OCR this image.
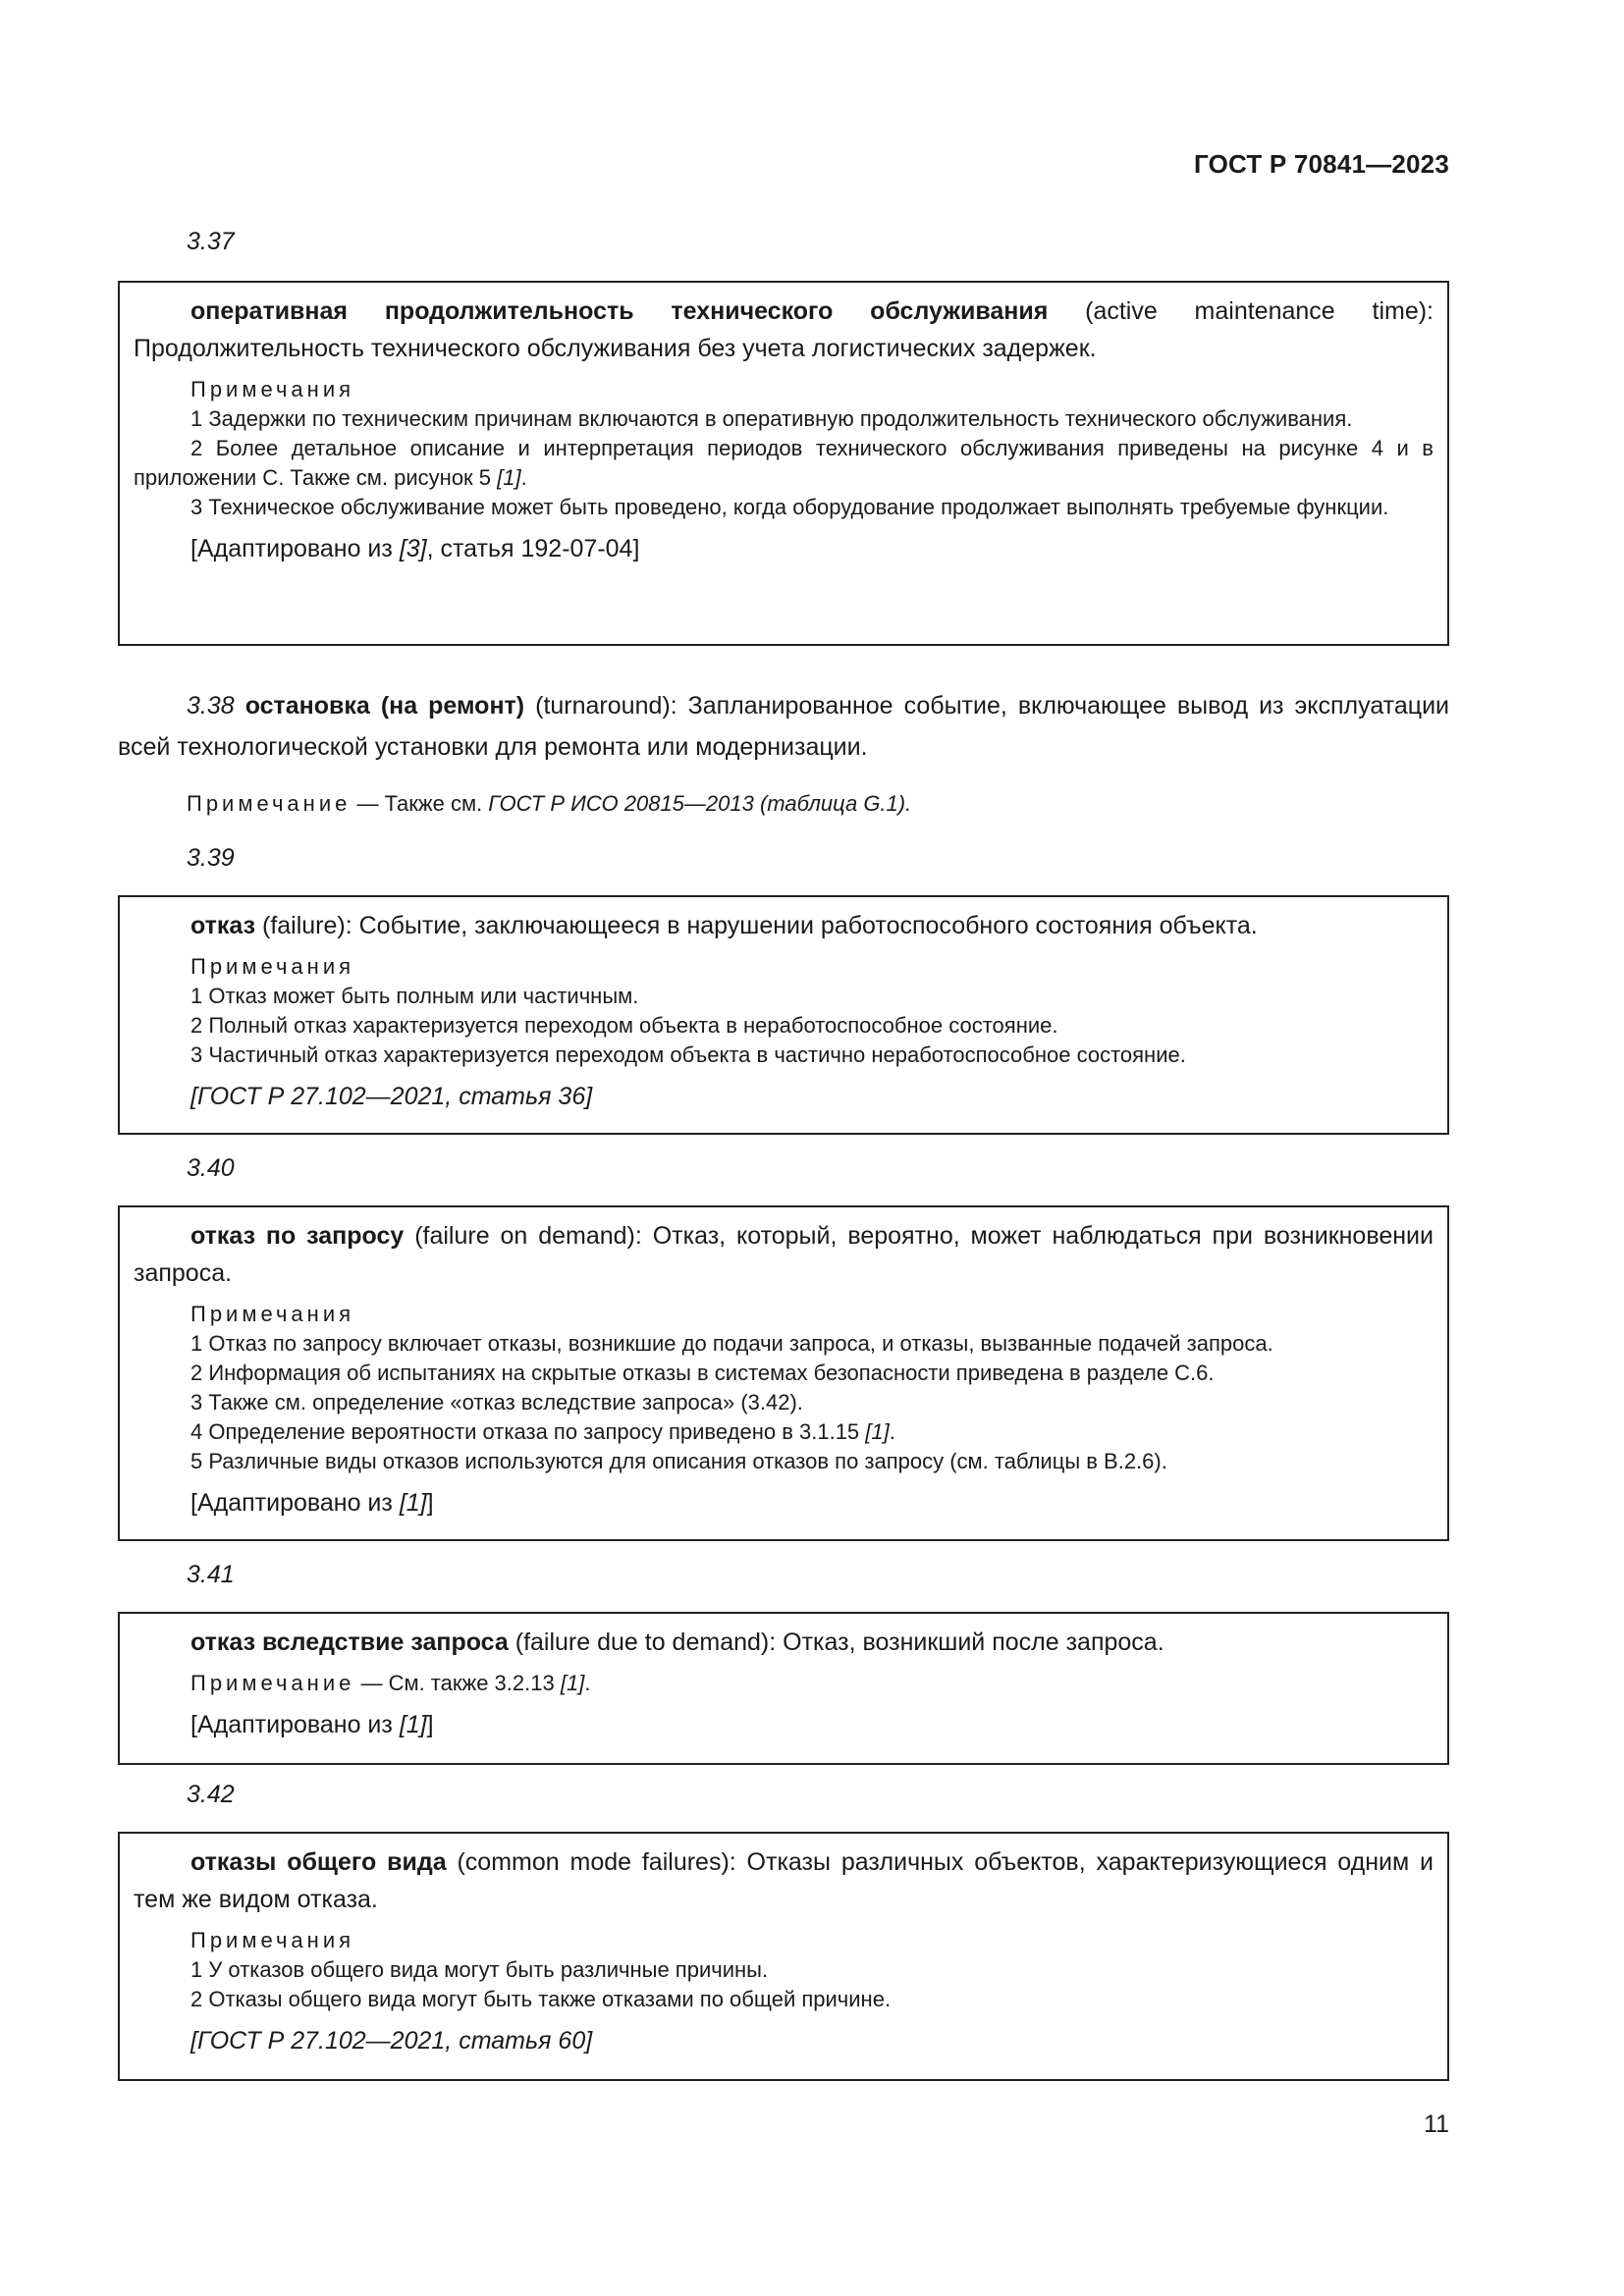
ГОСТ Р 70841—2023
3.37

оперативная продолжительность технического обслуживания (active maintenance time): Продолжительность технического обслуживания без учета логистических задержек.

Примечания

1 Задержки по техническим причинам включаются в оперативную продолжительность технического обслуживания.

2 Более детальное описание и интерпретация периодов технического обслуживания приведены на рисунке 4 и в приложении С. Также см. рисунок 5 [1].

3 Техническое обслуживание может быть проведено, когда оборудование продолжает выполнять требуемые функции.

[Адаптировано из [3], статья 192-07-04]

3.38 остановка (на ремонт) (turnaround): Запланированное событие, включающее вывод из эксплуатации всей технологической установки для ремонта или модернизации.

Примечание — Также см. ГОСТ Р ИСО 20815—2013 (таблица G.1).

3.39

отказ (failure): Событие, заключающееся в нарушении работоспособного состояния объекта.

Примечания

1 Отказ может быть полным или частичным.

2 Полный отказ характеризуется переходом объекта в неработоспособное состояние.

3 Частичный отказ характеризуется переходом объекта в частично неработоспособное состояние.

[ГОСТ Р 27.102—2021, статья 36]

3.40

отказ по запросу (failure on demand): Отказ, который, вероятно, может наблюдаться при возникновении запроса.

Примечания

1 Отказ по запросу включает отказы, возникшие до подачи запроса, и отказы, вызванные подачей запроса.

2 Информация об испытаниях на скрытые отказы в системах безопасности приведена в разделе С.6.

3 Также см. определение «отказ вследствие запроса» (3.42).

4 Определение вероятности отказа по запросу приведено в 3.1.15 [1].

5 Различные виды отказов используются для описания отказов по запросу (см. таблицы в В.2.6).

[Адаптировано из [1]]

3.41

отказ вследствие запроса (failure due to demand): Отказ, возникший после запроса.

Примечание — См. также 3.2.13 [1].

[Адаптировано из [1]]

3.42

отказы общего вида (common mode failures): Отказы различных объектов, характеризующиеся одним и тем же видом отказа.

Примечания

1 У отказов общего вида могут быть различные причины.

2 Отказы общего вида могут быть также отказами по общей причине.

[ГОСТ Р 27.102—2021, статья 60]

11
